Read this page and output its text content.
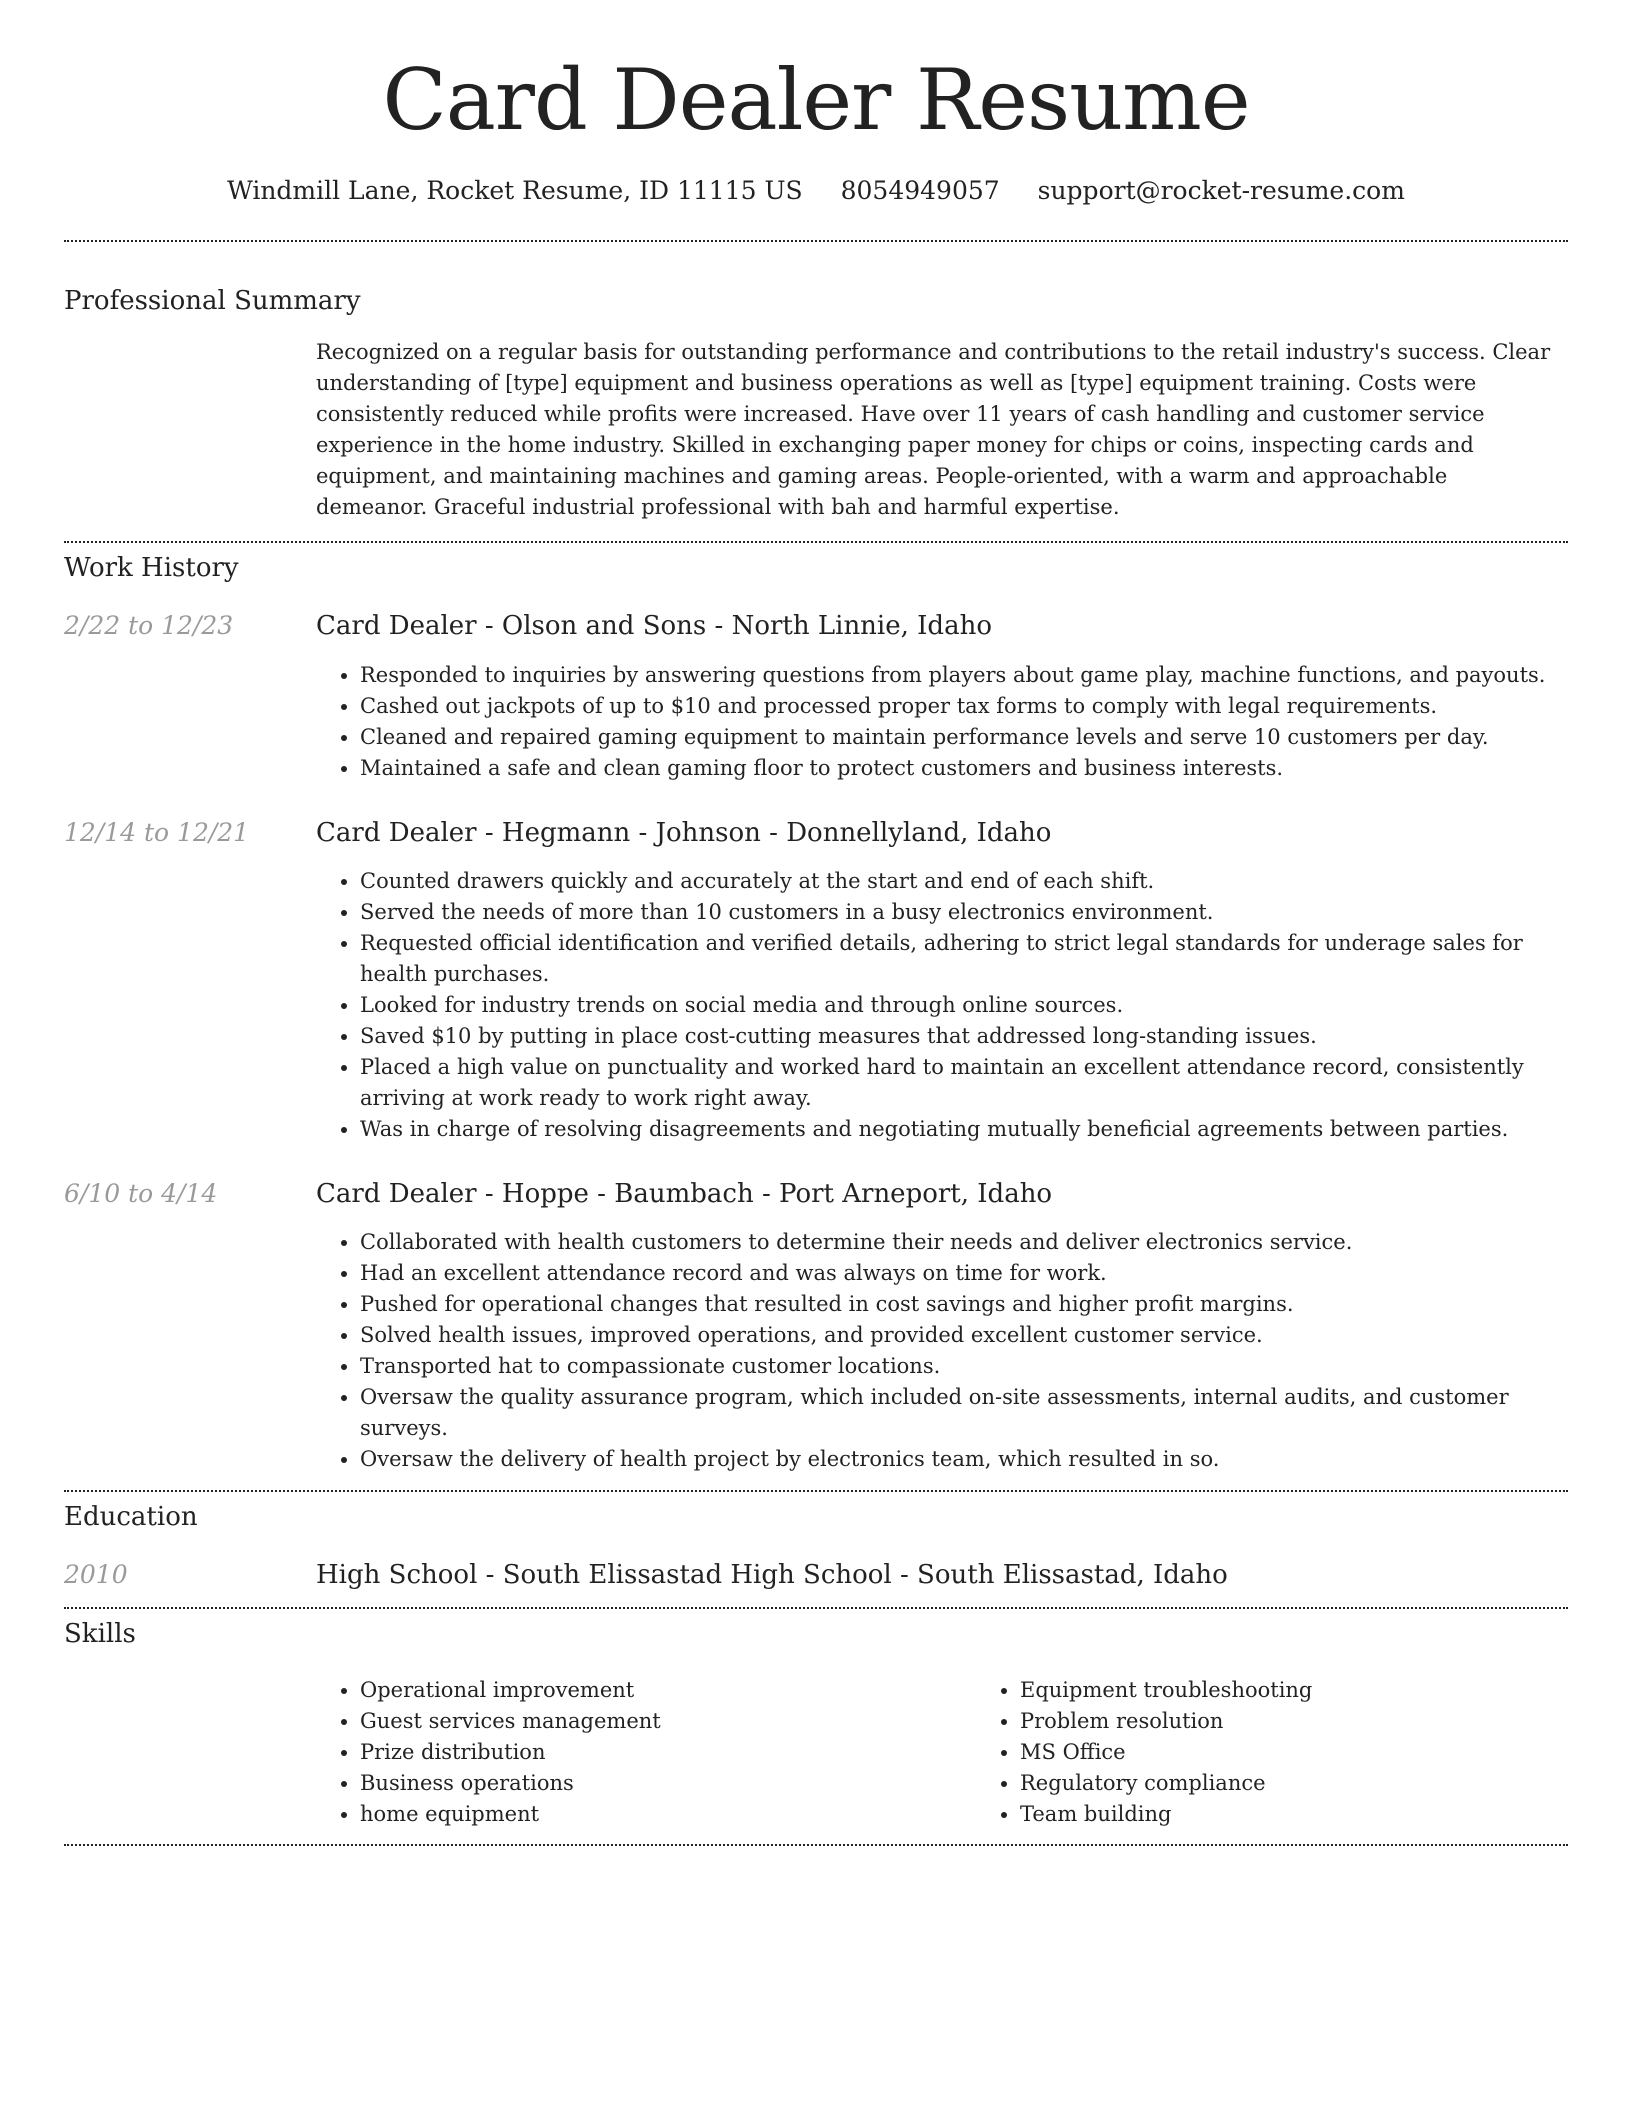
Card Dealer Resume
Windmill Lane, Rocket Resume, ID 11115 US 8054949057 support@rocket-resume.com
Professional Summary
Recognized on a regular basis for outstanding performance and contributions to the retail industry's success. Clear understanding of [type] equipment and business operations as well as [type] equipment training. Costs were consistently reduced while profits were increased. Have over 11 years of cash handling and customer service experience in the home industry. Skilled in exchanging paper money for chips or coins, inspecting cards and equipment, and maintaining machines and gaming areas. People-oriented, with a warm and approachable demeanor. Graceful industrial professional with bah and harmful expertise.
Work History
2/22 to 12/23	Card Dealer - Olson and Sons - North Linnie, Idaho
• Responded to inquiries by answering questions from players about game play, machine functions, and payouts.
• Cashed out jackpots of up to $10 and processed proper tax forms to comply with legal requirements.
• Cleaned and repaired gaming equipment to maintain performance levels and serve 10 customers per day.
• Maintained a safe and clean gaming floor to protect customers and business interests.
12/14 to 12/21	Card Dealer - Hegmann - Johnson - Donnellyland, Idaho
• Counted drawers quickly and accurately at the start and end of each shift.
• Served the needs of more than 10 customers in a busy electronics environment.
• Requested official identification and verified details, adhering to strict legal standards for underage sales for health purchases.
• Looked for industry trends on social media and through online sources.
• Saved $10 by putting in place cost-cutting measures that addressed long-standing issues.
• Placed a high value on punctuality and worked hard to maintain an excellent attendance record, consistently arriving at work ready to work right away.
• Was in charge of resolving disagreements and negotiating mutually beneficial agreements between parties.
6/10 to 4/14	Card Dealer - Hoppe - Baumbach - Port Arneport, Idaho
• Collaborated with health customers to determine their needs and deliver electronics service.
• Had an excellent attendance record and was always on time for work.
• Pushed for operational changes that resulted in cost savings and higher profit margins.
• Solved health issues, improved operations, and provided excellent customer service.
• Transported hat to compassionate customer locations.
• Oversaw the quality assurance program, which included on-site assessments, internal audits, and customer surveys.
• Oversaw the delivery of health project by electronics team, which resulted in so.
Education
2010	High School - South Elissastad High School - South Elissastad, Idaho
Skills
• Operational improvement
• Guest services management
• Prize distribution
• Business operations
• home equipment
• Equipment troubleshooting
• Problem resolution
• MS Office
• Regulatory compliance
• Team building
